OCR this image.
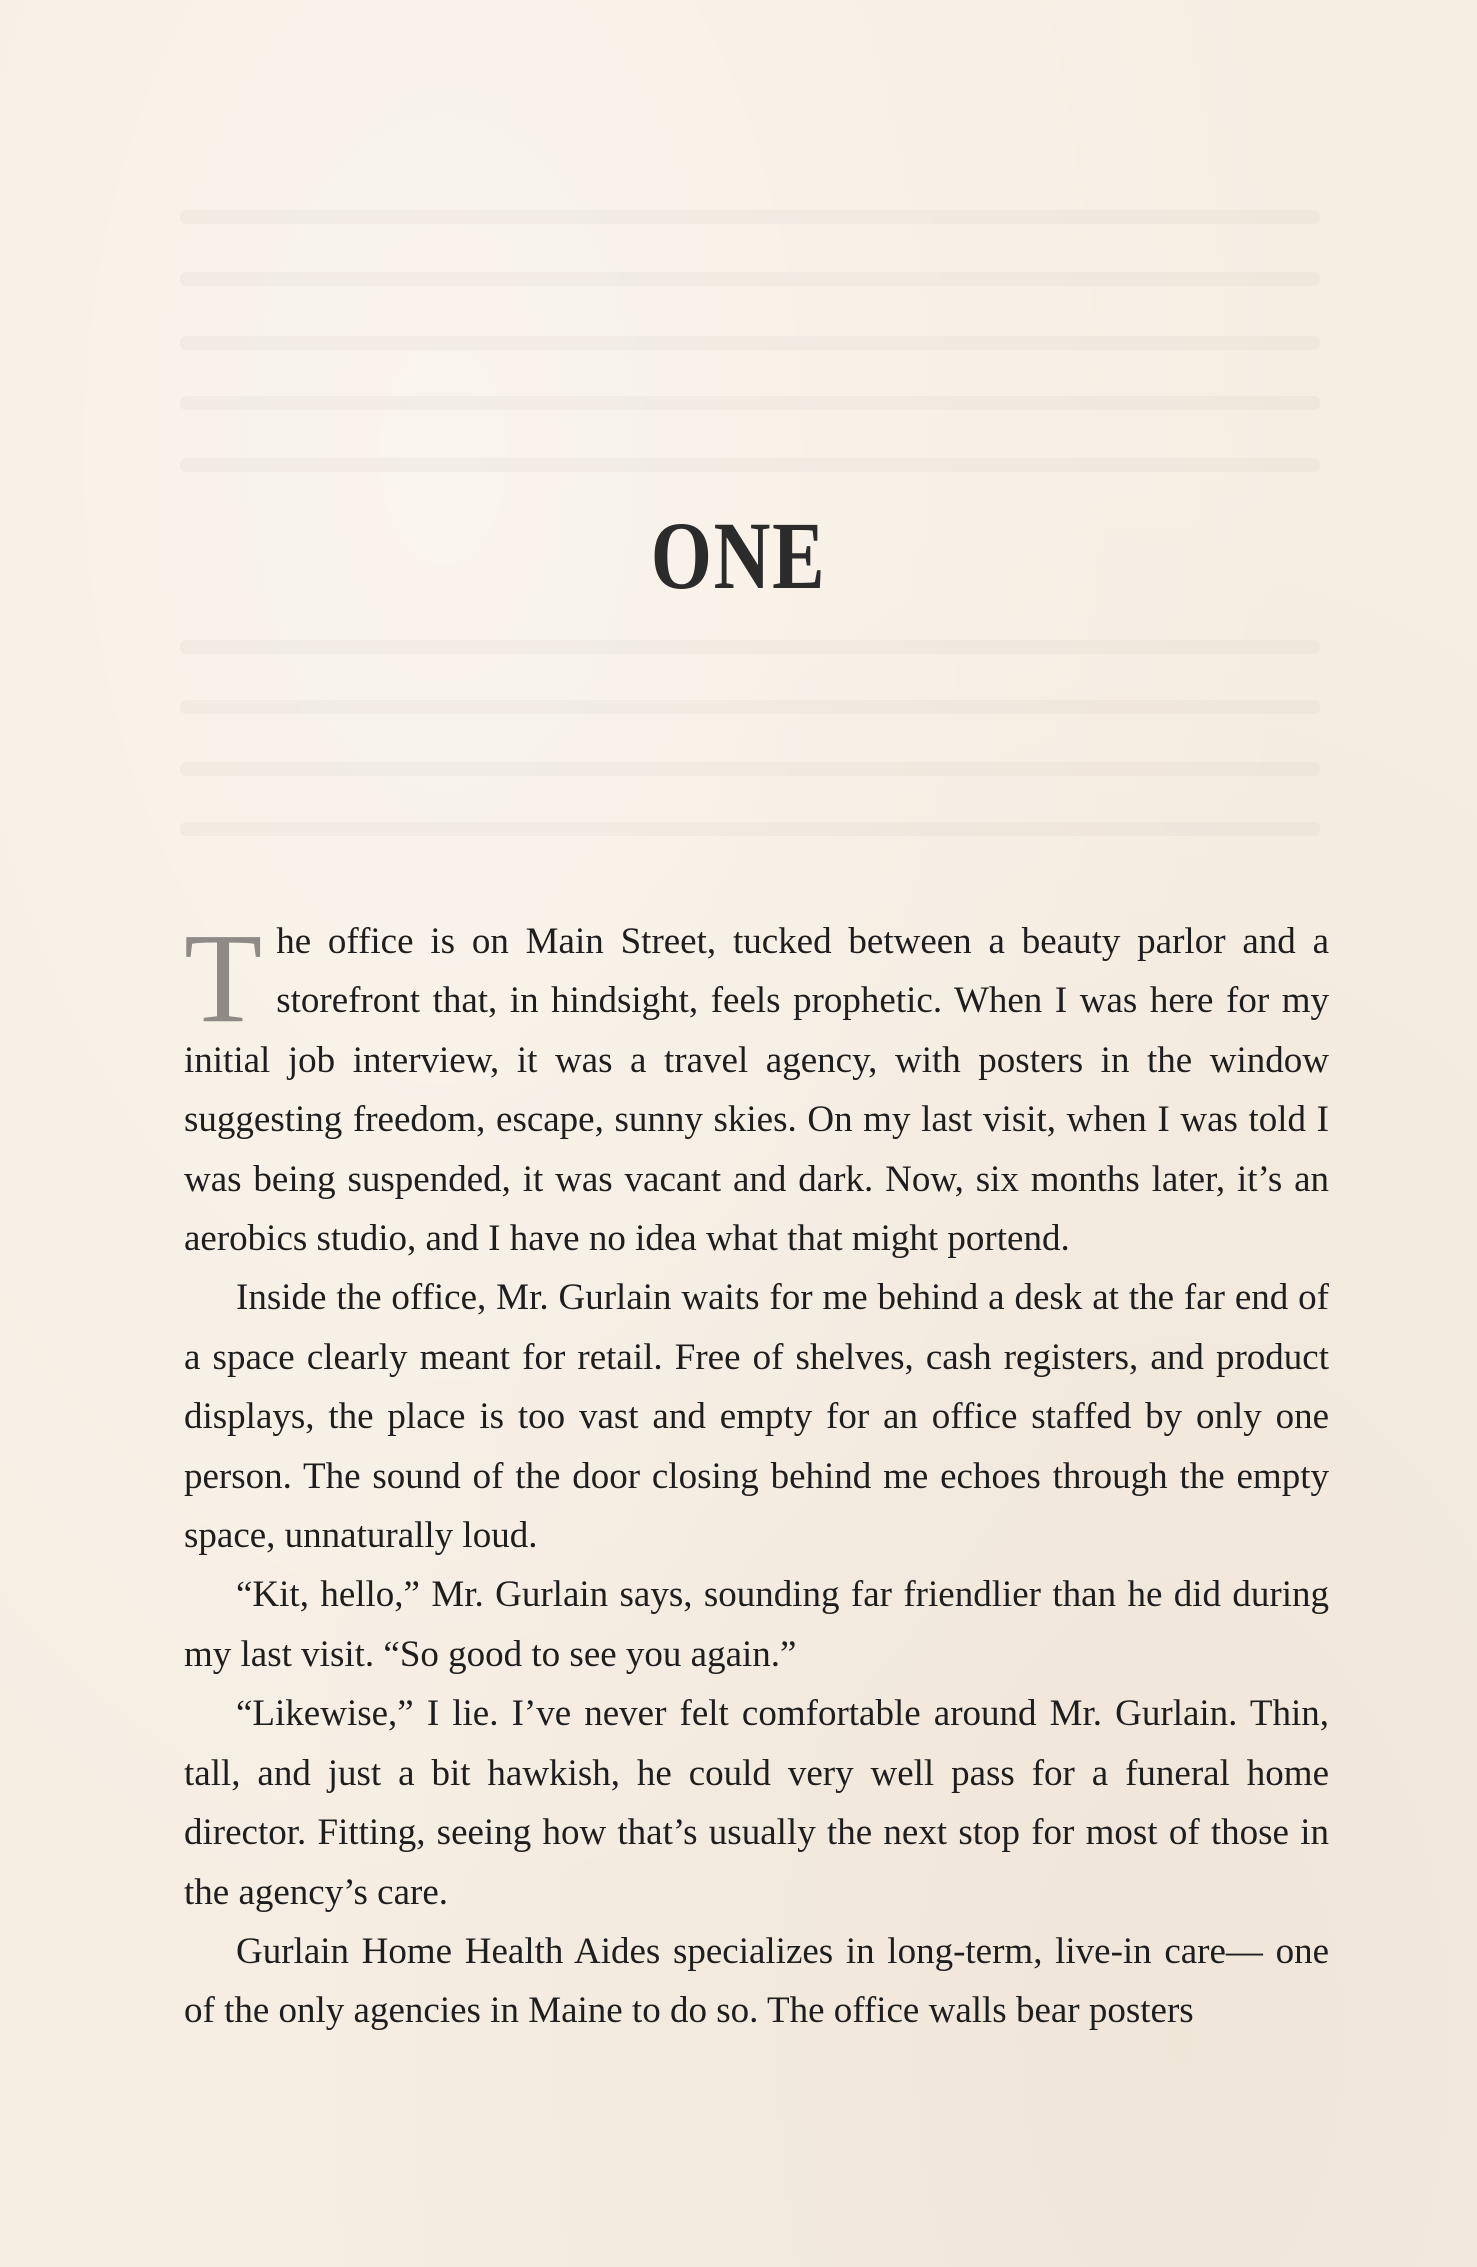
ONE

The office is on Main Street, tucked between a beauty parlor and a storefront that, in hindsight, feels prophetic. When I was here for my initial job interview, it was a travel agency, with posters in the window suggesting freedom, escape, sunny skies. On my last visit, when I was told I was being suspended, it was vacant and dark. Now, six months later, it’s an aerobics studio, and I have no idea what that might portend.

Inside the office, Mr. Gurlain waits for me behind a desk at the far end of a space clearly meant for retail. Free of shelves, cash registers, and product displays, the place is too vast and empty for an office staffed by only one person. The sound of the door closing behind me echoes through the empty space, unnaturally loud.

“Kit, hello,” Mr. Gurlain says, sounding far friendlier than he did during my last visit. “So good to see you again.”

“Likewise,” I lie. I’ve never felt comfortable around Mr. Gurlain. Thin, tall, and just a bit hawkish, he could very well pass for a funeral home director. Fitting, seeing how that’s usually the next stop for most of those in the agency’s care.

Gurlain Home Health Aides specializes in long-term, live-in care— one of the only agencies in Maine to do so. The office walls bear posters
